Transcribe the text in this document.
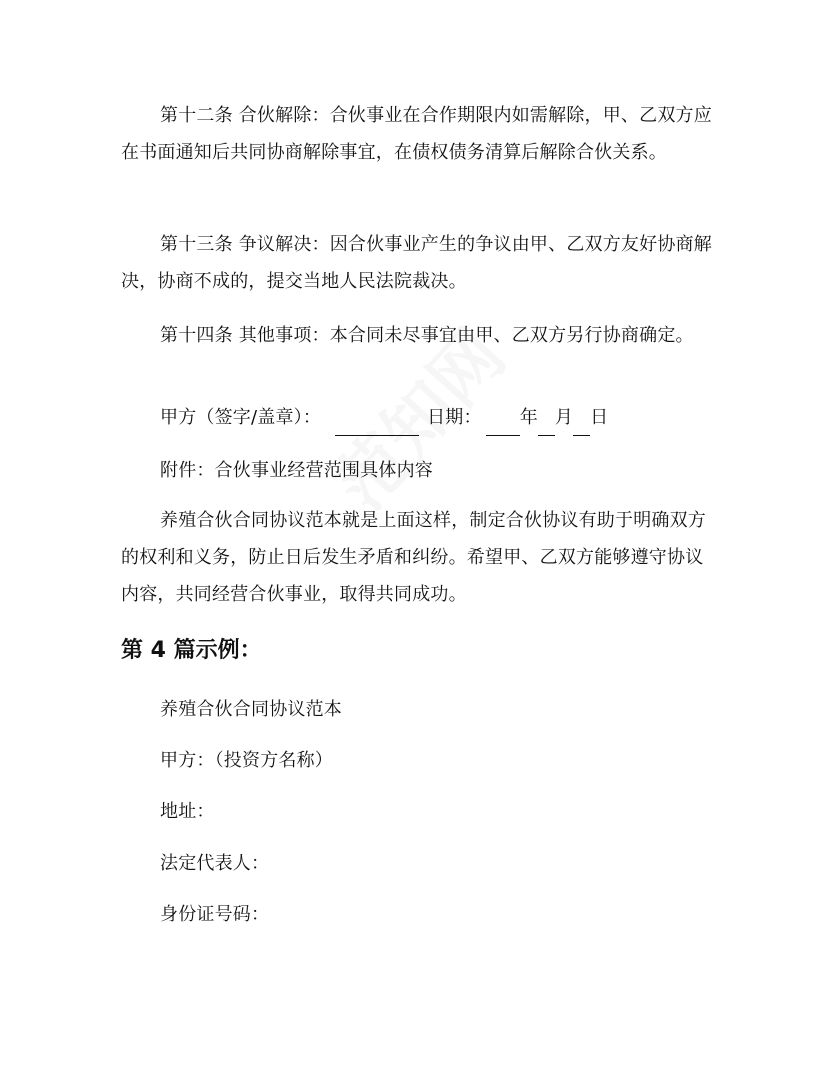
第十二条 合伙解除：合伙事业在合作期限内如需解除，甲、乙双方应在书面通知后共同协商解除事宜，在债权债务清算后解除合伙关系。

第十三条 争议解决：因合伙事业产生的争议由甲、乙双方友好协商解决，协商不成的，提交当地人民法院裁决。

第十四条 其他事项：本合同未尽事宜由甲、乙双方另行协商确定。

甲方（签字/盖章）：	日期： 年 月 日

附件：合伙事业经营范围具体内容

养殖合伙合同协议范本就是上面这样，制定合伙协议有助于明确双方的权利和义务，防止日后发生矛盾和纠纷。希望甲、乙双方能够遵守协议内容，共同经营合伙事业，取得共同成功。

第 4 篇示例：

养殖合伙合同协议范本

甲方：（投资方名称）

地址：

法定代表人：

身份证号码：
